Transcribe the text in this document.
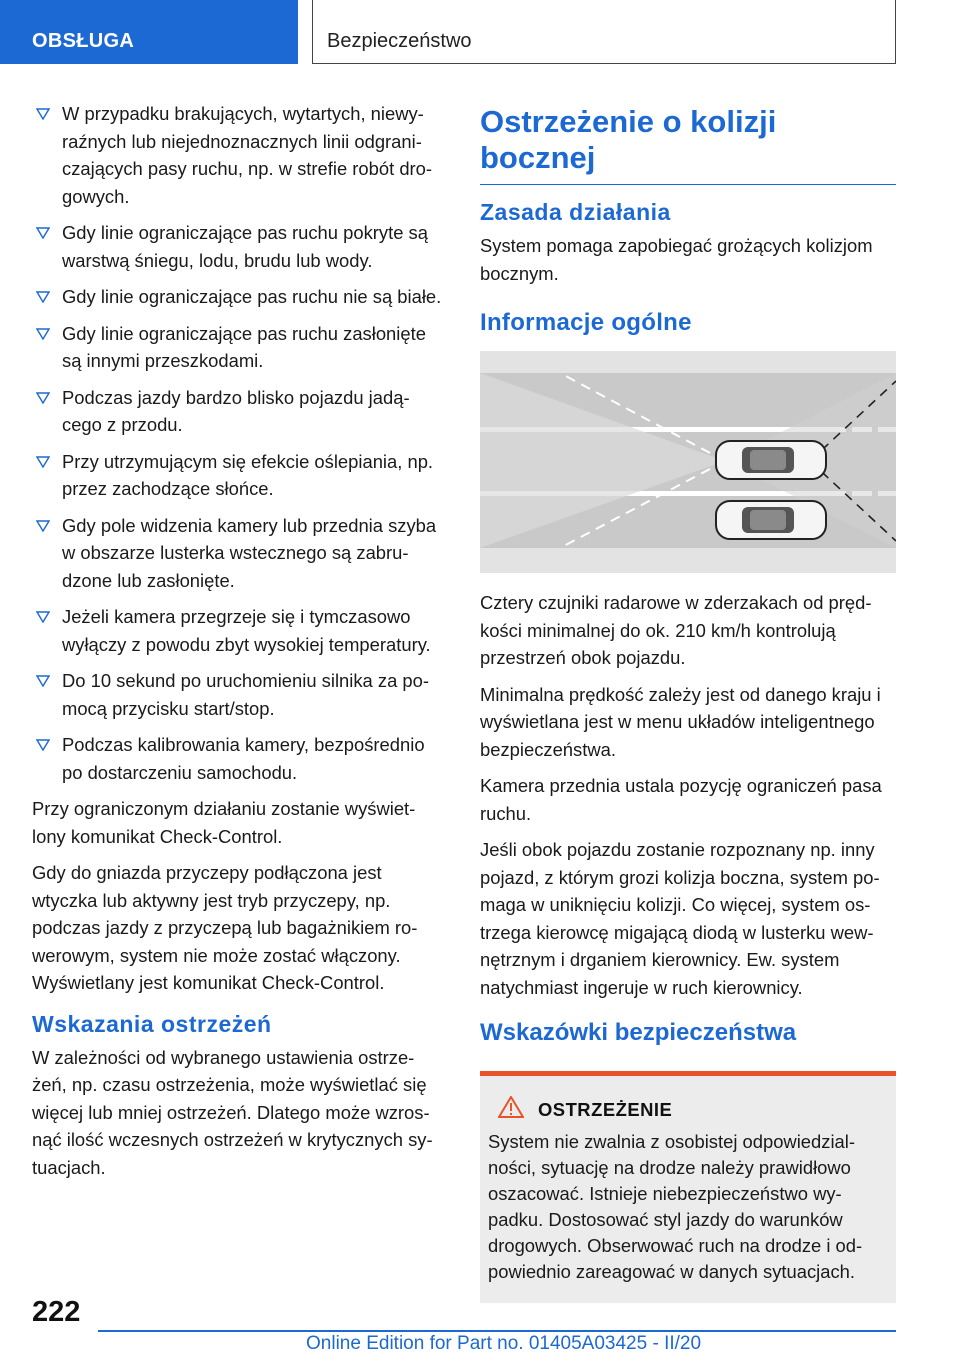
OBSŁUGA	Bezpieczeństwo
W przypadku brakujących, wytartych, niewy-raźnych lub niejednoznacznych linii odgrani-czających pasy ruchu, np. w strefie robót dro-gowych.
Gdy linie ograniczające pas ruchu pokryte są warstwą śniegu, lodu, brudu lub wody.
Gdy linie ograniczające pas ruchu nie są białe.
Gdy linie ograniczające pas ruchu zasłonięte są innymi przeszkodami.
Podczas jazdy bardzo blisko pojazdu jadą-cego z przodu.
Przy utrzymującym się efekcie oślepiania, np. przez zachodzące słońce.
Gdy pole widzenia kamery lub przednia szyba w obszarze lusterka wstecznego są zabru-dzone lub zasłonięte.
Jeżeli kamera przegrzeje się i tymczasowo wyłączy z powodu zbyt wysokiej temperatury.
Do 10 sekund po uruchomieniu silnika za po-mocą przycisku start/stop.
Podczas kalibrowania kamery, bezpośrednio po dostarczeniu samochodu.

Przy ograniczonym działaniu zostanie wyświet-lony komunikat Check-Control.

Gdy do gniazda przyczepy podłączona jest wtyczka lub aktywny jest tryb przyczepy, np. podczas jazdy z przyczepą lub bagażnikiem ro-werowym, system nie może zostać włączony. Wyświetlany jest komunikat Check-Control.

Wskazania ostrzeżeń

W zależności od wybranego ustawienia ostrze-żeń, np. czasu ostrzeżenia, może wyświetlać się więcej lub mniej ostrzeżeń. Dlatego może wzros-nąć ilość wczesnych ostrzeżeń w krytycznych sy-tuacjach.

Ostrzeżenie o kolizji bocznej
Zasada działania

System pomaga zapobiegać grożących kolizjom bocznym.

Informacje ogólne

Cztery czujniki radarowe w zderzakach od pręd-kości minimalnej do ok. 210 km/h kontrolują przestrzeń obok pojazdu.

Minimalna prędkość zależy jest od danego kraju i wyświetlana jest w menu układów inteligentnego bezpieczeństwa.

Kamera przednia ustala pozycję ograniczeń pasa ruchu.

Jeśli obok pojazdu zostanie rozpoznany np. inny pojazd, z którym grozi kolizja boczna, system po-maga w uniknięciu kolizji. Co więcej, system os-trzega kierowcę migającą diodą w lusterku wew-nętrznym i drganiem kierownicy. Ew. system natychmiast ingeruje w ruch kierownicy.

Wskazówki bezpieczeństwa
OSTRZEŻENIE
System nie zwalnia z osobistej odpowiedzial-ności, sytuację na drodze należy prawidłowo oszacować. Istnieje niebezpieczeństwo wy-padku. Dostosować styl jazdy do warunków drogowych. Obserwować ruch na drodze i od-powiednio zareagować w danych sytuacjach.
222
Online Edition for Part no. 01405A03425 - II/20
